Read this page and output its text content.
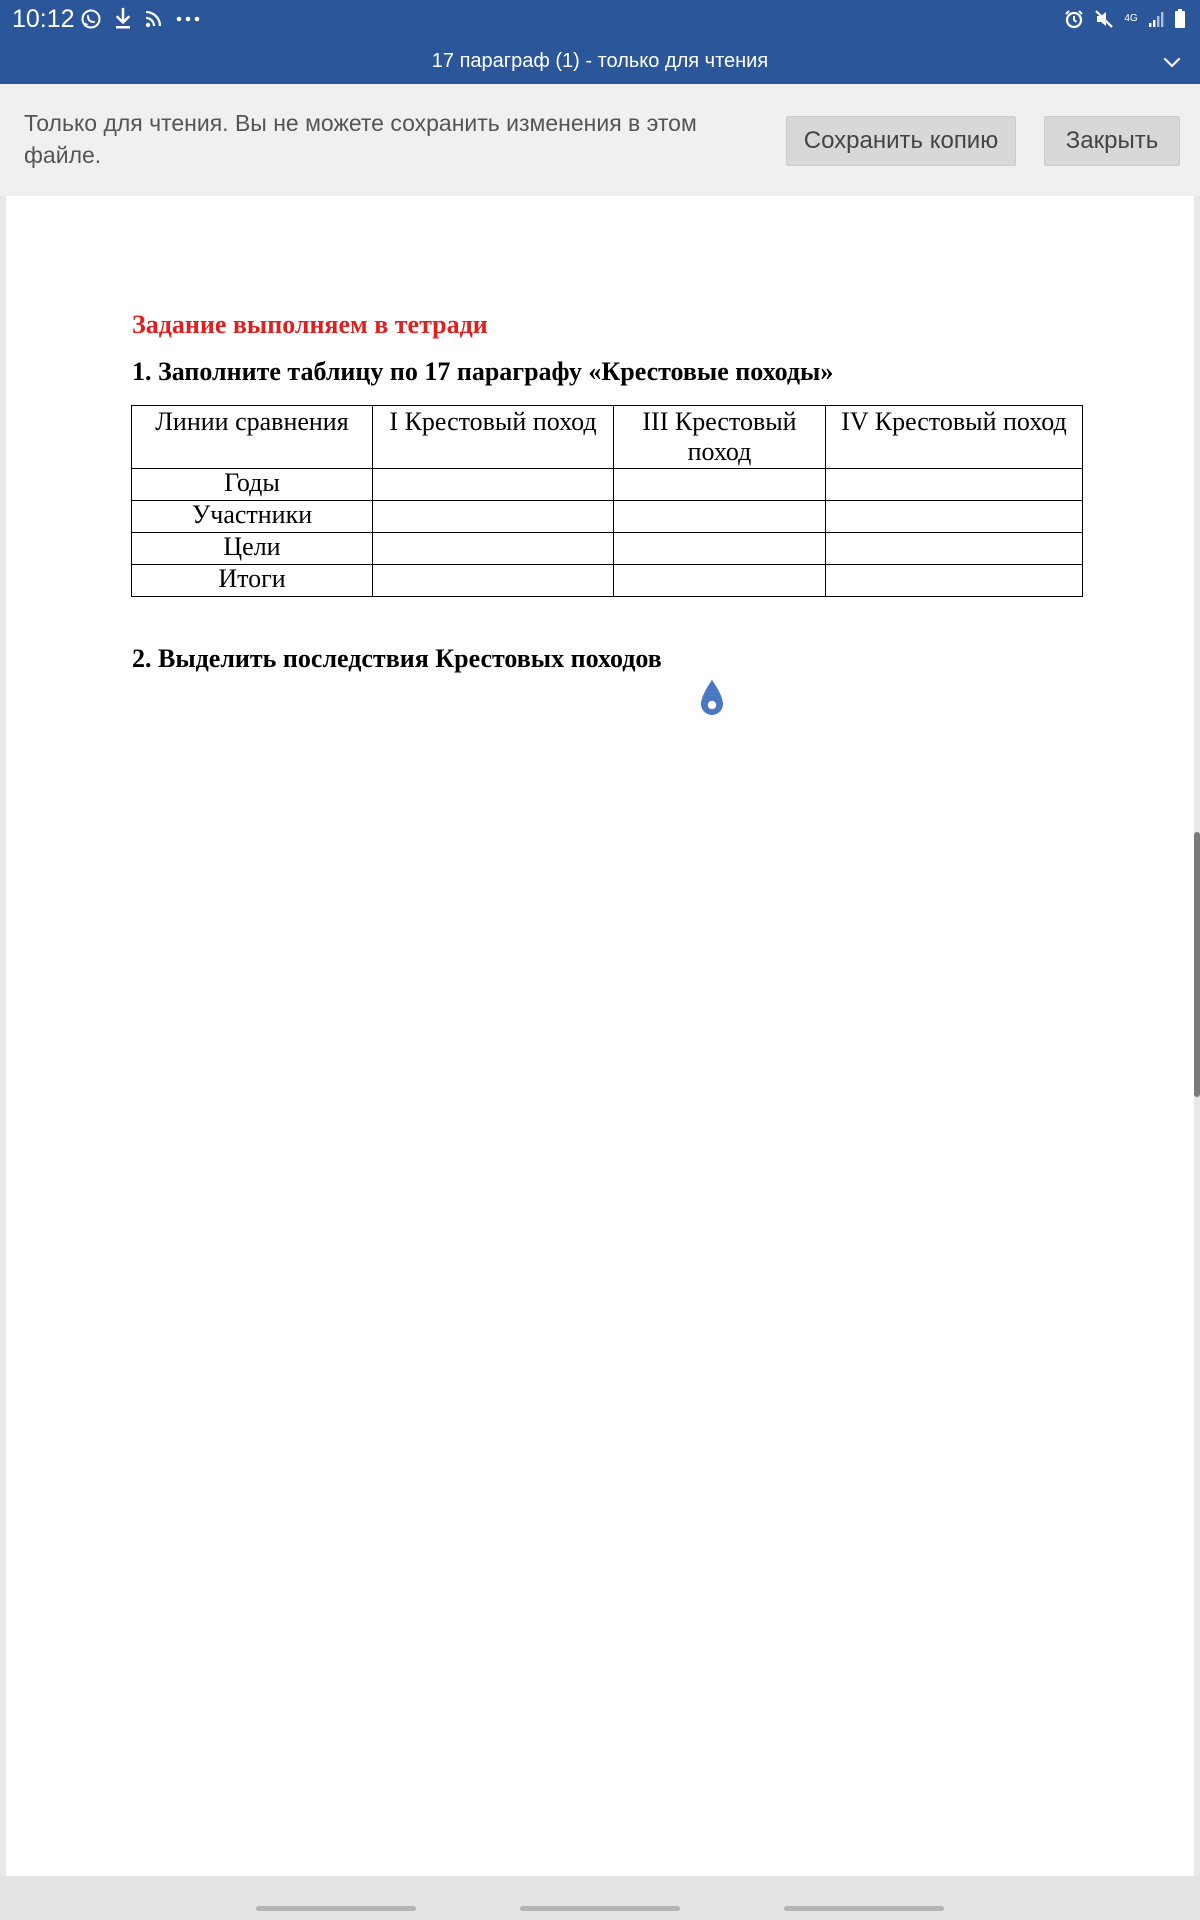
10:12	4G
17 параграф (1) - только для чтения
Только для чтения. Вы не можете сохранить изменения в этом файле.
Сохранить копию	Закрыть
Задание выполняем в тетради
1. Заполните таблицу по 17 параграфу «Крестовые походы»
Линии сравнения	I Крестовый поход	III Крестовый поход	IV Крестовый поход
Годы			
Участники			
Цели			
Итоги			
2. Выделить последствия Крестовых походов
